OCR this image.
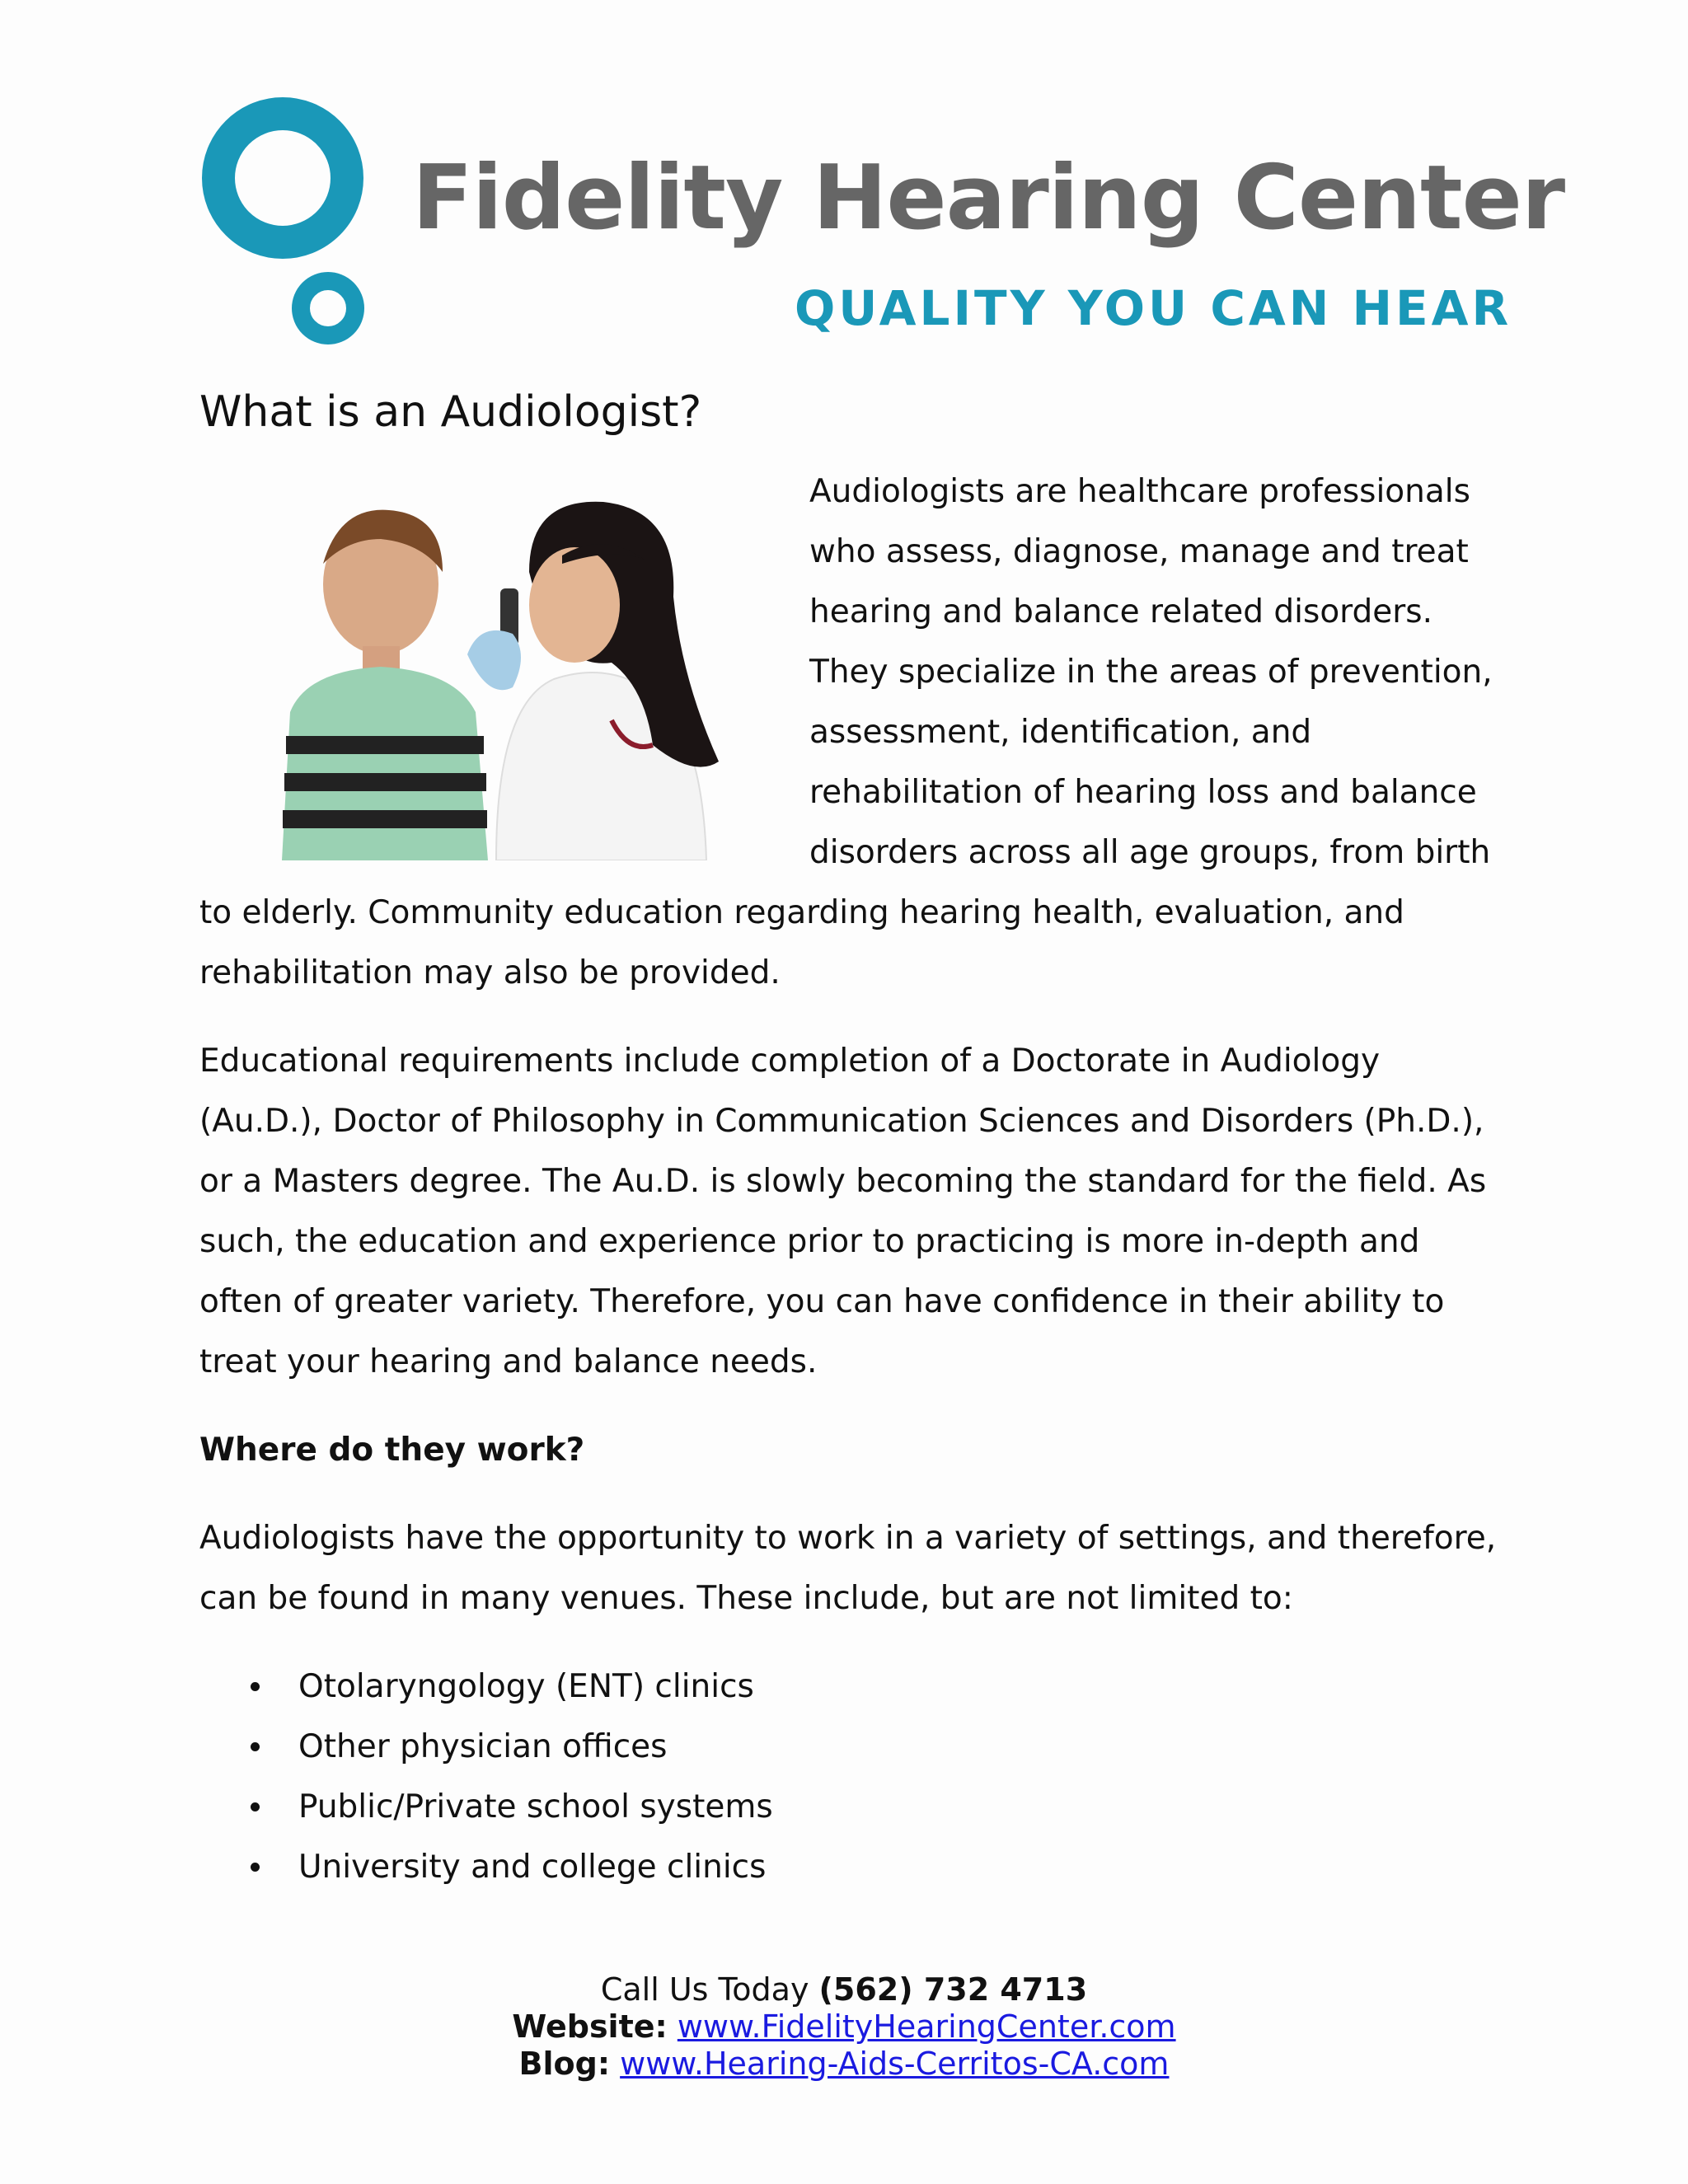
Fidelity Hearing Center
QUALITY YOU CAN HEAR
What is an Audiologist?

Audiologists are healthcare professionals who assess, diagnose, manage and treat hearing and balance related disorders. They specialize in the areas of prevention, assessment, identification, and rehabilitation of hearing loss and balance disorders across all age groups, from birth to elderly. Community education regarding hearing health, evaluation, and rehabilitation may also be provided.

Educational requirements include completion of a Doctorate in Audiology (Au.D.), Doctor of Philosophy in Communication Sciences and Disorders (Ph.D.), or a Masters degree. The Au.D. is slowly becoming the standard for the field. As such, the education and experience prior to practicing is more in-depth and often of greater variety. Therefore, you can have confidence in their ability to treat your hearing and balance needs.

Where do they work?

Audiologists have the opportunity to work in a variety of settings, and therefore, can be found in many venues. These include, but are not limited to:

Otolaryngology (ENT) clinics
Other physician offices
Public/Private school systems
University and college clinics
Call Us Today (562) 732 4713
Website: www.FidelityHearingCenter.com
Blog: www.Hearing-Aids-Cerritos-CA.com
